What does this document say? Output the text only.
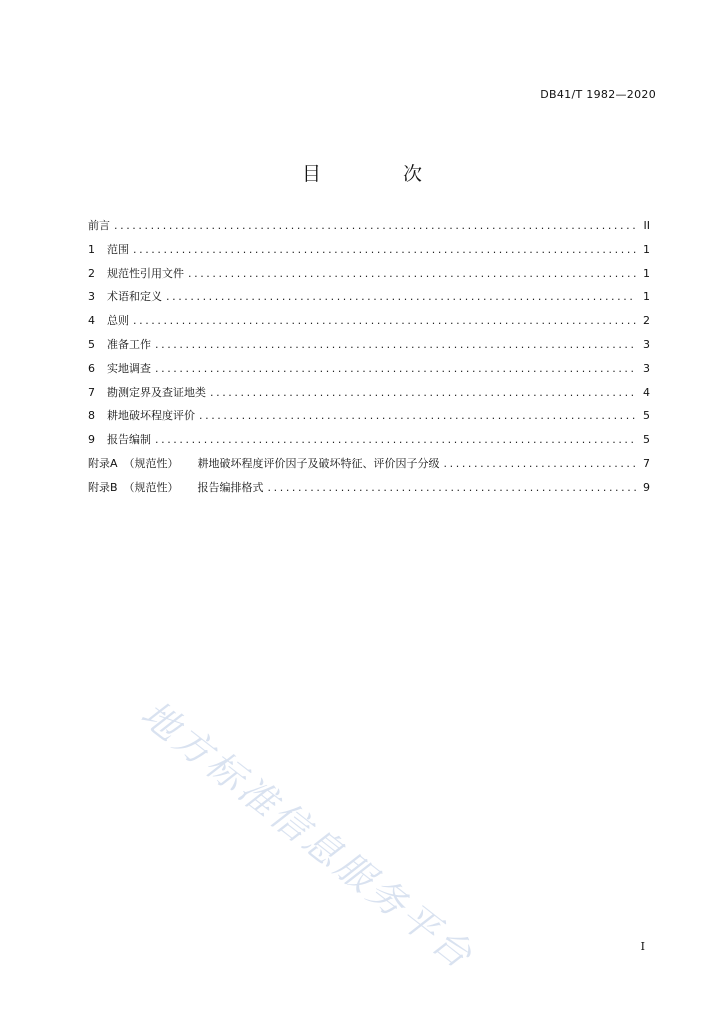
DB41/T 1982—2020
目 次
前言 .....	II
1	范围 .....	1
2	规范性引用文件 .....	1
3	术语和定义 .....	1
4	总则 .....	2
5	准备工作 .....	3
6	实地调查 .....	3
7	勘测定界及查证地类 .....	4
8	耕地破坏程度评价 .....	5
9	报告编制 .....	5
附录A （规范性） 耕地破坏程度评价因子及破坏特征、评价因子分级 .....	7
附录B （规范性） 报告编排格式 .....	9
地方标准信息服务平台	I
